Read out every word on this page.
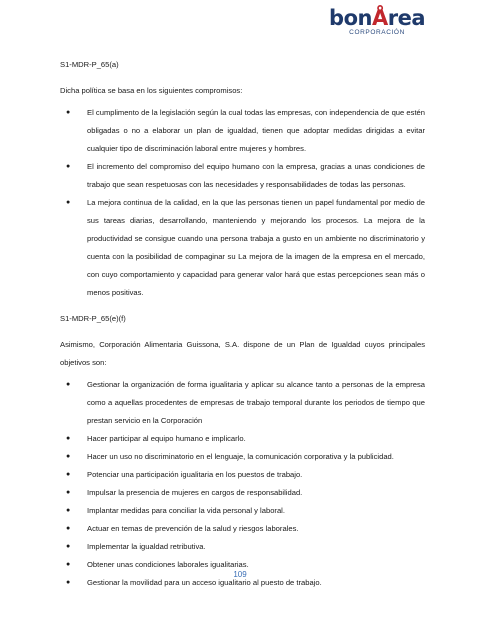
bonÅrea
CORPORACIÓN

S1-MDR-P_65(a)

Dicha política se basa en los siguientes compromisos:

● El cumplimento de la legislación según la cual todas las empresas, con independencia de que estén obligadas o no a elaborar un plan de igualdad, tienen que adoptar medidas dirigidas a evitar cualquier tipo de discriminación laboral entre mujeres y hombres.
● El incremento del compromiso del equipo humano con la empresa, gracias a unas condiciones de trabajo que sean respetuosas con las necesidades y responsabilidades de todas las personas.
● La mejora continua de la calidad, en la que las personas tienen un papel fundamental por medio de sus tareas diarias, desarrollando, manteniendo y mejorando los procesos. La mejora de la productividad se consigue cuando una persona trabaja a gusto en un ambiente no discriminatorio y cuenta con la posibilidad de compaginar su La mejora de la imagen de la empresa en el mercado, con cuyo comportamiento y capacidad para generar valor hará que estas percepciones sean más o menos positivas.

S1-MDR-P_65(e)(f)

Asimismo, Corporación Alimentaria Guissona, S.A. dispone de un Plan de Igualdad cuyos principales objetivos son:

● Gestionar la organización de forma igualitaria y aplicar su alcance tanto a personas de la empresa como a aquellas procedentes de empresas de trabajo temporal durante los periodos de tiempo que prestan servicio en la Corporación
● Hacer participar al equipo humano e implicarlo.
● Hacer un uso no discriminatorio en el lenguaje, la comunicación corporativa y la publicidad.
● Potenciar una participación igualitaria en los puestos de trabajo.
● Impulsar la presencia de mujeres en cargos de responsabilidad.
● Implantar medidas para conciliar la vida personal y laboral.
● Actuar en temas de prevención de la salud y riesgos laborales.
● Implementar la igualdad retributiva.
● Obtener unas condiciones laborales igualitarias.
● Gestionar la movilidad para un acceso igualitario al puesto de trabajo.
109
